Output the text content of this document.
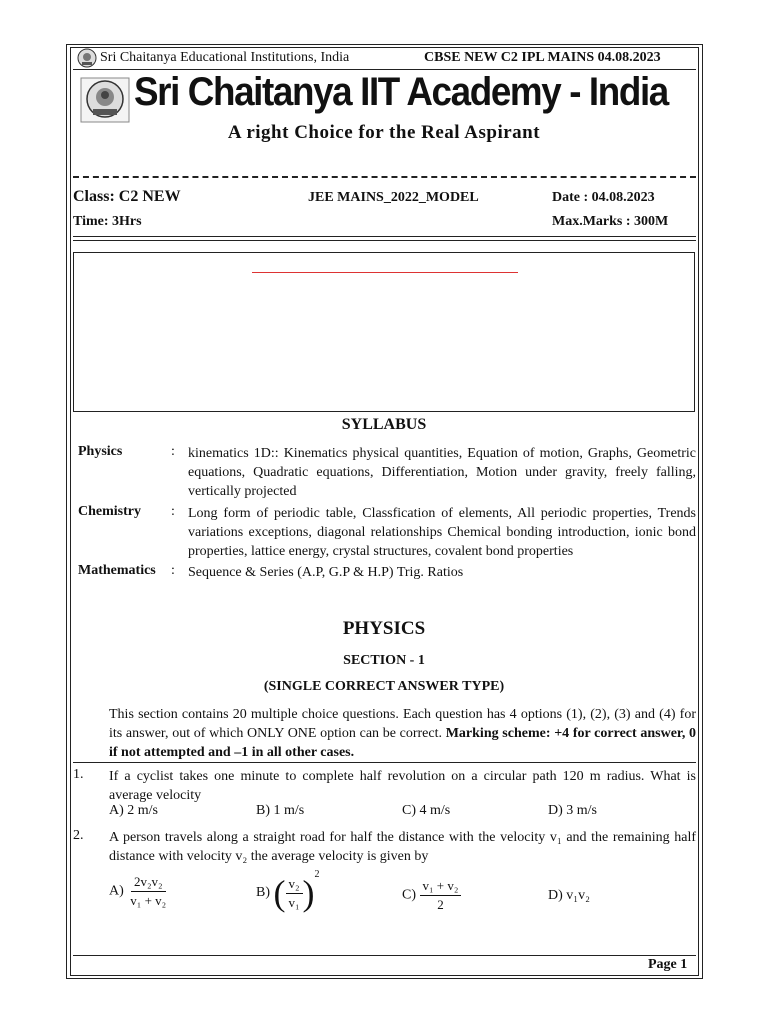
Sri Chaitanya Educational Institutions, India	CBSE NEW C2 IPL MAINS 04.08.2023
Sri Chaitanya IIT Academy - India
A right Choice for the Real Aspirant
Class: C2 NEW	JEE MAINS_2022_MODEL	Date : 04.08.2023
Time: 3Hrs	Max.Marks : 300M
SYLLABUS
Physics	: kinematics 1D:: Kinematics physical quantities, Equation of motion, Graphs, Geometric equations, Quadratic equations, Differentiation, Motion under gravity, freely falling, vertically projected
Chemistry : Long form of periodic table, Classfication of elements, All periodic properties, Trends variations exceptions, diagonal relationships Chemical bonding introduction, ionic bond properties, lattice energy, crystal structures, covalent bond properties
Mathematics : Sequence & Series (A.P, G.P & H.P) Trig. Ratios
PHYSICS
SECTION - 1
(SINGLE CORRECT ANSWER TYPE)
This section contains 20 multiple choice questions. Each question has 4 options (1), (2), (3) and (4) for its answer, out of which ONLY ONE option can be correct. Marking scheme: +4 for correct answer, 0 if not attempted and –1 in all other cases.
1. If a cyclist takes one minute to complete half revolution on a circular path 120 m radius. What is average velocity
A) 2 m/s	B) 1 m/s	C) 4 m/s	D) 3 m/s
2. A person travels along a straight road for half the distance with the velocity v₁ and the remaining half distance with velocity v₂ the average velocity is given by
$A) \frac{\text{2v₂v₂}}{\text{v₁ + v₂}}$	B) ( $\frac{\text{v₂}}{\text{v₁}} )^2$
$C) \frac{\text{v₁ + v₂}}{2}$	D) v₁v₂
Page 1
